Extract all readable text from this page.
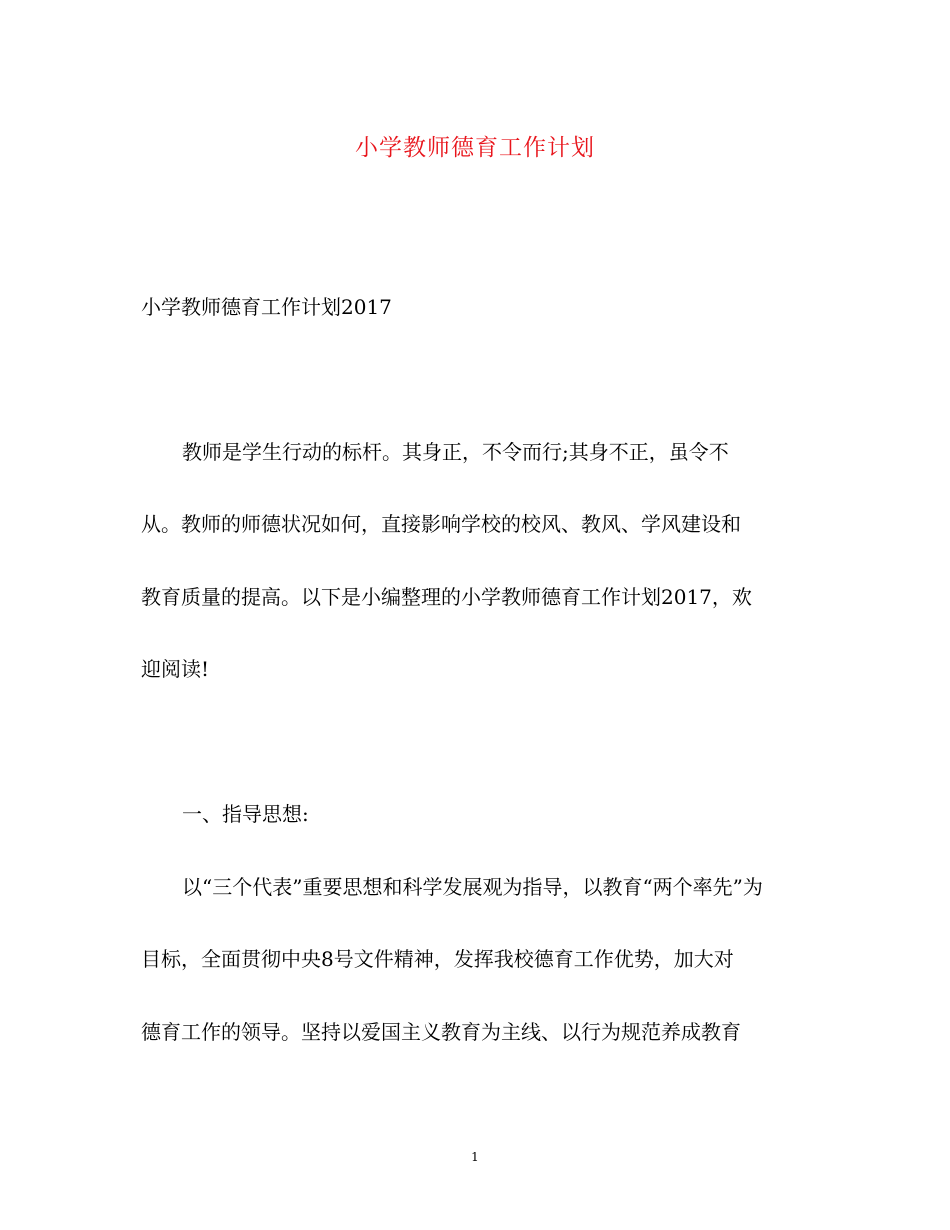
小学教师德育工作计划
小学教师德育工作计划2017
教师是学生行动的标杆。其身正，不令而行;其身不正，虽令不
从。教师的师德状况如何，直接影响学校的校风、教风、学风建设和
教育质量的提高。以下是小编整理的小学教师德育工作计划2017，欢
迎阅读!
一、指导思想:
以“三个代表”重要思想和科学发展观为指导，以教育“两个率先”为
目标，全面贯彻中央8号文件精神，发挥我校德育工作优势，加大对
德育工作的领导。坚持以爱国主义教育为主线、以行为规范养成教育
1
